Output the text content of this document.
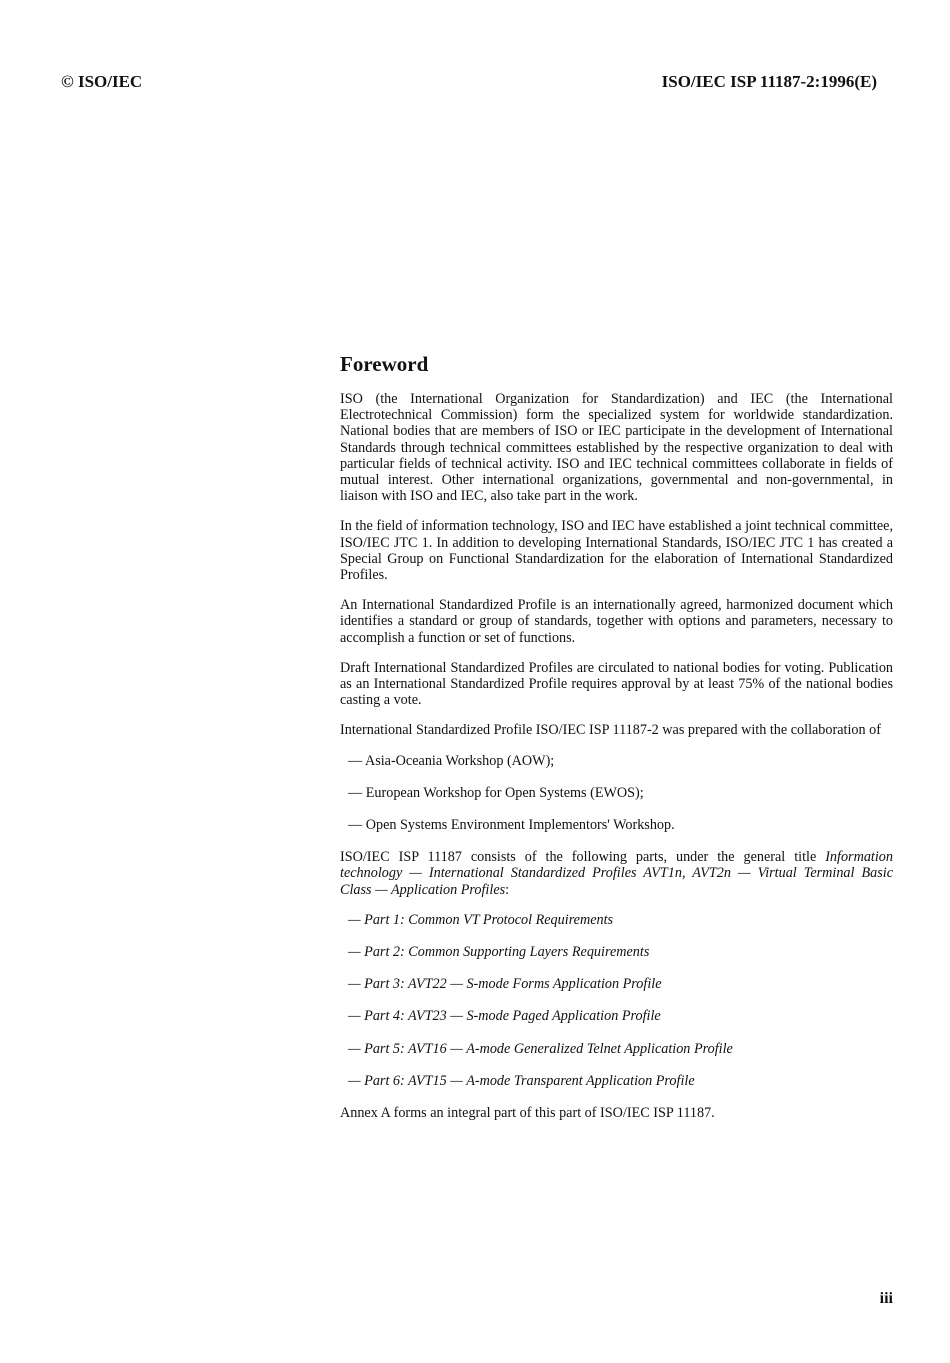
© ISO/IEC	ISO/IEC ISP 11187-2:1996(E)
Foreword

ISO (the International Organization for Standardization) and IEC (the International Electrotechnical Commission) form the specialized system for worldwide standardization. National bodies that are members of ISO or IEC participate in the development of International Standards through technical committees established by the respective organization to deal with particular fields of technical activity. ISO and IEC technical committees collaborate in fields of mutual interest. Other international organizations, governmental and non-governmental, in liaison with ISO and IEC, also take part in the work.

In the field of information technology, ISO and IEC have established a joint technical committee, ISO/IEC JTC 1. In addition to developing International Standards, ISO/IEC JTC 1 has created a Special Group on Functional Standardization for the elaboration of International Standardized Profiles.

An International Standardized Profile is an internationally agreed, harmonized document which identifies a standard or group of standards, together with options and parameters, necessary to accomplish a function or set of functions.

Draft International Standardized Profiles are circulated to national bodies for voting. Publication as an International Standardized Profile requires approval by at least 75% of the national bodies casting a vote.

International Standardized Profile ISO/IEC ISP 11187-2 was prepared with the collaboration of

— Asia-Oceania Workshop (AOW);
— European Workshop for Open Systems (EWOS);
— Open Systems Environment Implementors' Workshop.

ISO/IEC ISP 11187 consists of the following parts, under the general title Information technology — International Standardized Profiles AVT1n, AVT2n — Virtual Terminal Basic Class — Application Profiles:

— Part 1: Common VT Protocol Requirements
— Part 2: Common Supporting Layers Requirements
— Part 3: AVT22 — S-mode Forms Application Profile
— Part 4: AVT23 — S-mode Paged Application Profile
— Part 5: AVT16 — A-mode Generalized Telnet Application Profile
— Part 6: AVT15 — A-mode Transparent Application Profile

Annex A forms an integral part of this part of ISO/IEC ISP 11187.

iii
